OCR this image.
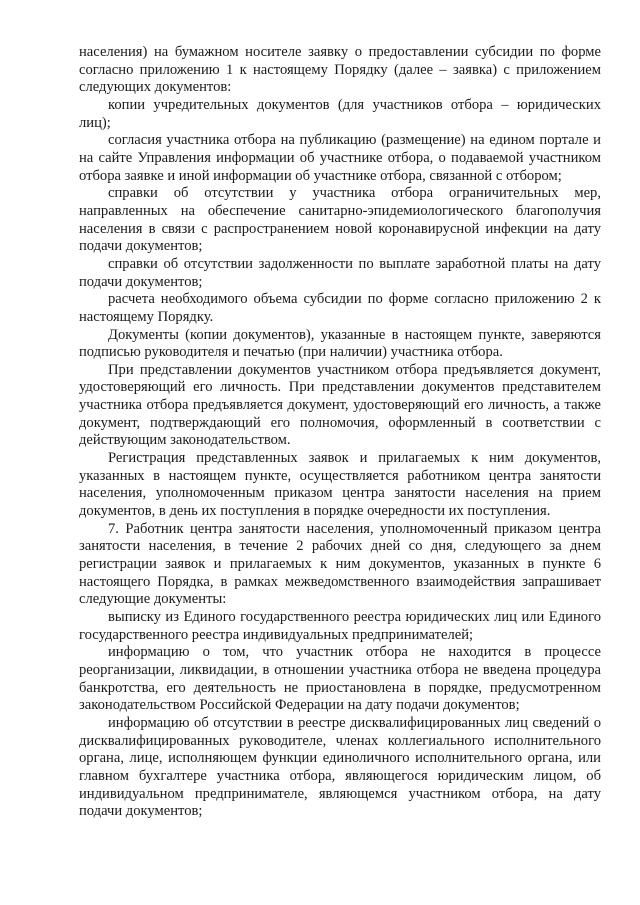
населения) на бумажном носителе заявку о предоставлении субсидии по форме согласно приложению 1 к настоящему Порядку (далее – заявка) с приложением следующих документов:

копии учредительных документов (для участников отбора – юридических лиц);

согласия участника отбора на публикацию (размещение) на едином портале и на сайте Управления информации об участнике отбора, о подаваемой участником отбора заявке и иной информации об участнике отбора, связанной с отбором;

справки об отсутствии у участника отбора ограничительных мер, направленных на обеспечение санитарно-эпидемиологического благополучия населения в связи с распространением новой коронавирусной инфекции на дату подачи документов;

справки об отсутствии задолженности по выплате заработной платы на дату подачи документов;

расчета необходимого объема субсидии по форме согласно приложению 2 к настоящему Порядку.

Документы (копии документов), указанные в настоящем пункте, заверяются подписью руководителя и печатью (при наличии) участника отбора.

При представлении документов участником отбора предъявляется документ, удостоверяющий его личность. При представлении документов представителем участника отбора предъявляется документ, удостоверяющий его личность, а также документ, подтверждающий его полномочия, оформленный в соответствии с действующим законодательством.

Регистрация представленных заявок и прилагаемых к ним документов, указанных в настоящем пункте, осуществляется работником центра занятости населения, уполномоченным приказом центра занятости населения на прием документов, в день их поступления в порядке очередности их поступления.

7. Работник центра занятости населения, уполномоченный приказом центра занятости населения, в течение 2 рабочих дней со дня, следующего за днем регистрации заявок и прилагаемых к ним документов, указанных в пункте 6 настоящего Порядка, в рамках межведомственного взаимодействия запрашивает следующие документы:

выписку из Единого государственного реестра юридических лиц или Единого государственного реестра индивидуальных предпринимателей;

информацию о том, что участник отбора не находится в процессе реорганизации, ликвидации, в отношении участника отбора не введена процедура банкротства, его деятельность не приостановлена в порядке, предусмотренном законодательством Российской Федерации на дату подачи документов;

информацию об отсутствии в реестре дисквалифицированных лиц сведений о дисквалифицированных руководителе, членах коллегиального исполнительного органа, лице, исполняющем функции единоличного исполнительного органа, или главном бухгалтере участника отбора, являющегося юридическим лицом, об индивидуальном предпринимателе, являющемся участником отбора, на дату подачи документов;
